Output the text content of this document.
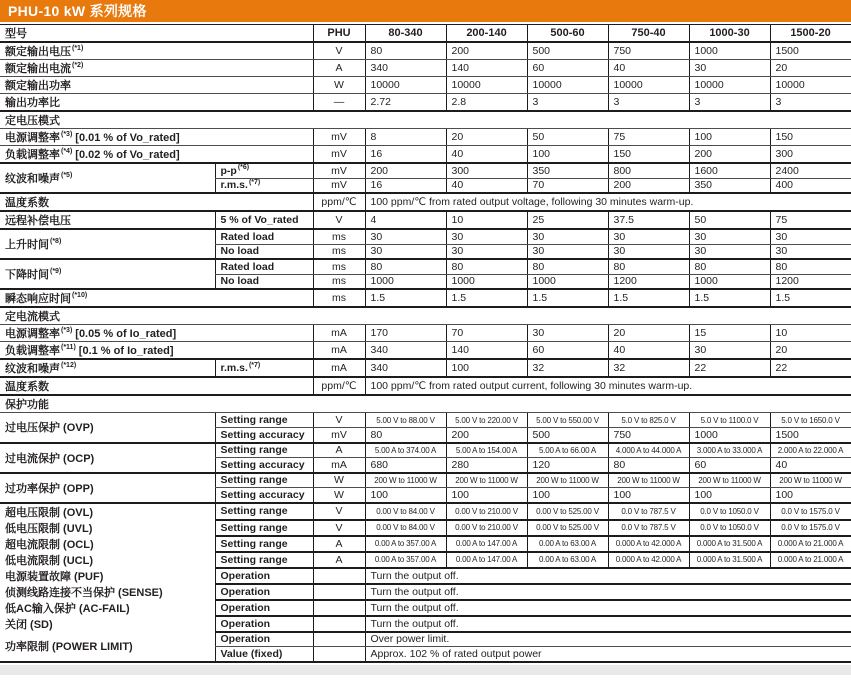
PHU-10 kW 系列规格
型号		PHU	80-340	200-140	500-60	750-40	1000-30	1500-20
额定输出电压$^{(*1)}$		V	80	200	500	750	1000	1500
额定输出电流$^{(*2)}$		A	340	140	60	40	30	20
额定输出功率		W	10000	10000	10000	10000	10000	10000
输出功率比		—	2.72	2.8	3	3	3	3
定电压模式								
电源调整率$^{(*3)}$ [0.01 % of Vo_rated]		mV	8	20	50	75	100	150
负载调整率$^{(*4)}$ [0.02 % of Vo_rated]		mV	16	40	100	150	200	300
纹波和噪声$^{(*5)}$	p-p$^{(*6)}$	mV	200	300	350	800	1600	2400
	r.m.s.$^{(*7)}$	mV	16	40	70	200	350	400
温度系数		ppm/℃	100 ppm/℃ from rated output voltage, following 30 minutes warm-up.					
远程补偿电压	5 % of Vo_rated	V	4	10	25	37.5	50	75
上升时间$^{(*8)}$	Rated load	ms	30	30	30	30	30	30
	No load	ms	30	30	30	30	30	30
下降时间$^{(*9)}$	Rated load	ms	80	80	80	80	80	80
	No load	ms	1000	1000	1000	1200	1000	1200
瞬态响应时间$^{(*10)}$		ms	1.5	1.5	1.5	1.5	1.5	1.5
定电流模式								
电源调整率$^{(*3)}$ [0.05 % of Io_rated]		mA	170	70	30	20	15	10
负载调整率$^{(*11)}$ [0.1 % of Io_rated]		mA	340	140	60	40	30	20
纹波和噪声$^{(*12)}$	r.m.s.$^{(*7)}$	mA	340	100	32	32	22	22
温度系数		ppm/℃	100 ppm/℃ from rated output current, following 30 minutes warm-up.					
保护功能								
过电压保护 (OVP)	Setting range	V	5.00 V to 88.00 V	5.00 V to 220.00 V	5.00 V to 550.00 V	5.0 V to 825.0 V	5.0 V to 1100.0 V	5.0 V to 1650.0 V
	Setting accuracy	mV	80	200	500	750	1000	1500
过电流保护 (OCP)	Setting range	A	5.00 A to 374.00 A	5.00 A to 154.00 A	5.00 A to 66.00 A	4.000 A to 44.000 A	3.000 A to 33.000 A	2.000 A to 22.000 A
	Setting accuracy	mA	680	280	120	80	60	40
过功率保护 (OPP)	Setting range	W	200 W to 11000 W	200 W to 11000 W	200 W to 11000 W	200 W to 11000 W	200 W to 11000 W	200 W to 11000 W
	Setting accuracy	W	100	100	100	100	100	100
超电压限制 (OVL)	Setting range	V	0.00 V to 84.00 V	0.00 V to 210.00 V	0.00 V to 525.00 V	0.0 V to 787.5 V	0.0 V to 1050.0 V	0.0 V to 1575.0 V
低电压限制 (UVL)	Setting range	V	0.00 V to 84.00 V	0.00 V to 210.00 V	0.00 V to 525.00 V	0.0 V to 787.5 V	0.0 V to 1050.0 V	0.0 V to 1575.0 V
超电流限制 (OCL)	Setting range	A	0.00 A to 357.00 A	0.00 A to 147.00 A	0.00 A to 63.00 A	0.000 A to 42.000 A	0.000 A to 31.500 A	0.000 A to 21.000 A
低电流限制 (UCL)	Setting range	A	0.00 A to 357.00 A	0.00 A to 147.00 A	0.00 A to 63.00 A	0.000 A to 42.000 A	0.000 A to 31.500 A	0.000 A to 21.000 A
电源装置故障 (PUF)	Operation		Turn the output off.					
侦测线路连接不当保护 (SENSE)	Operation		Turn the output off.					
低AC输入保护 (AC-FAIL)	Operation		Turn the output off.					
关闭 (SD)	Operation		Turn the output off.					
功率限制 (POWER LIMIT)	Operation		Over power limit.					
	Value (fixed)		Approx. 102 % of rated output power					
